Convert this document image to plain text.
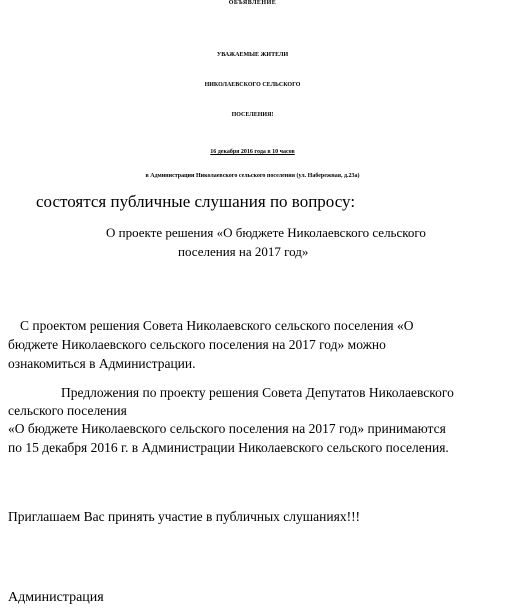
ОБЪЯВЛЕНИЕ
УВАЖАЕМЫЕ ЖИТЕЛИ
НИКОЛАЕВСКОГО СЕЛЬСКОГО
ПОСЕЛЕНИЯ!
16 декабря 2016 года в 10 часов
в Администрации Николаевского сельского поселения (ул. Набережная, д.23а)
состоятся публичные слушания по вопросу:
О проекте решения «О бюджете Николаевского сельского
поселения на 2017 год»
С проектом решения Совета Николаевского сельского поселения «О
бюджете Николаевского сельского поселения на 2017 год» можно
ознакомиться в Администрации.
Предложения по проекту решения Совета Депутатов Николаевского
сельского поселения
«О бюджете Николаевского сельского поселения на 2017 год» принимаются
по 15 декабря 2016 г. в Администрации Николаевского сельского поселения.
Приглашаем Вас принять участие в публичных слушаниях!!!
Администрация
